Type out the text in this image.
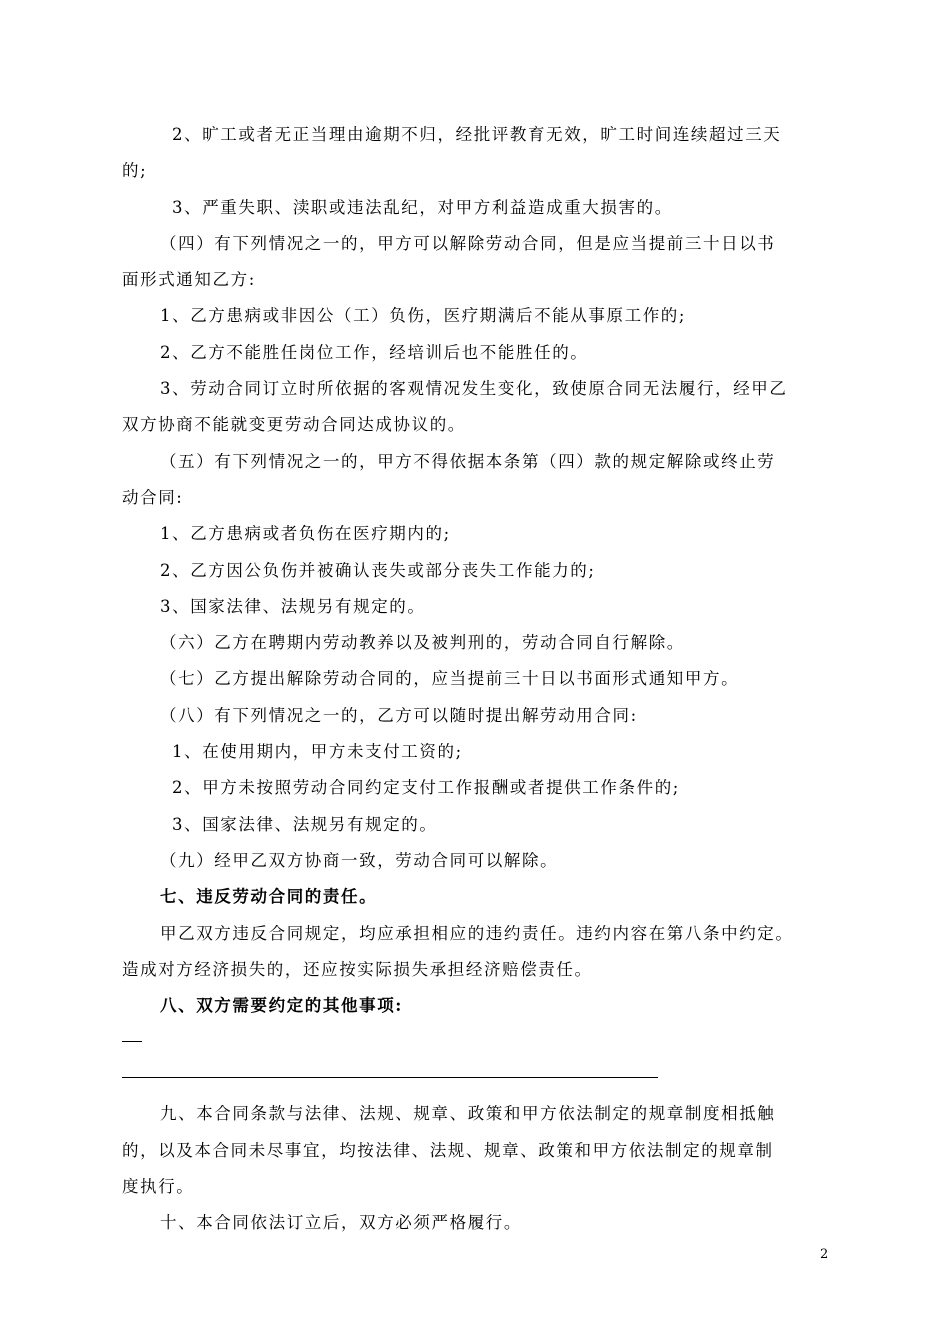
2、旷工或者无正当理由逾期不归，经批评教育无效，旷工时间连续超过三天
的;
3、严重失职、渎职或违法乱纪，对甲方利益造成重大损害的。
（四）有下列情况之一的，甲方可以解除劳动合同，但是应当提前三十日以书
面形式通知乙方:
1、乙方患病或非因公（工）负伤，医疗期满后不能从事原工作的;
2、乙方不能胜任岗位工作，经培训后也不能胜任的。
3、劳动合同订立时所依据的客观情况发生变化，致使原合同无法履行，经甲乙
双方协商不能就变更劳动合同达成协议的。
（五）有下列情况之一的，甲方不得依据本条第（四）款的规定解除或终止劳
动合同:
1、乙方患病或者负伤在医疗期内的;
2、乙方因公负伤并被确认丧失或部分丧失工作能力的;
3、国家法律、法规另有规定的。
（六）乙方在聘期内劳动教养以及被判刑的，劳动合同自行解除。
（七）乙方提出解除劳动合同的，应当提前三十日以书面形式通知甲方。
（八）有下列情况之一的，乙方可以随时提出解劳动用合同:
1、在使用期内，甲方未支付工资的;
2、甲方未按照劳动合同约定支付工作报酬或者提供工作条件的;
3、国家法律、法规另有规定的。
（九）经甲乙双方协商一致，劳动合同可以解除。
七、违反劳动合同的责任。
甲乙双方违反合同规定，均应承担相应的违约责任。违约内容在第八条中约定。
造成对方经济损失的，还应按实际损失承担经济赔偿责任。
八、双方需要约定的其他事项:
九、本合同条款与法律、法规、规章、政策和甲方依法制定的规章制度相抵触
的，以及本合同未尽事宜，均按法律、法规、规章、政策和甲方依法制定的规章制
度执行。
十、本合同依法订立后，双方必须严格履行。
2
